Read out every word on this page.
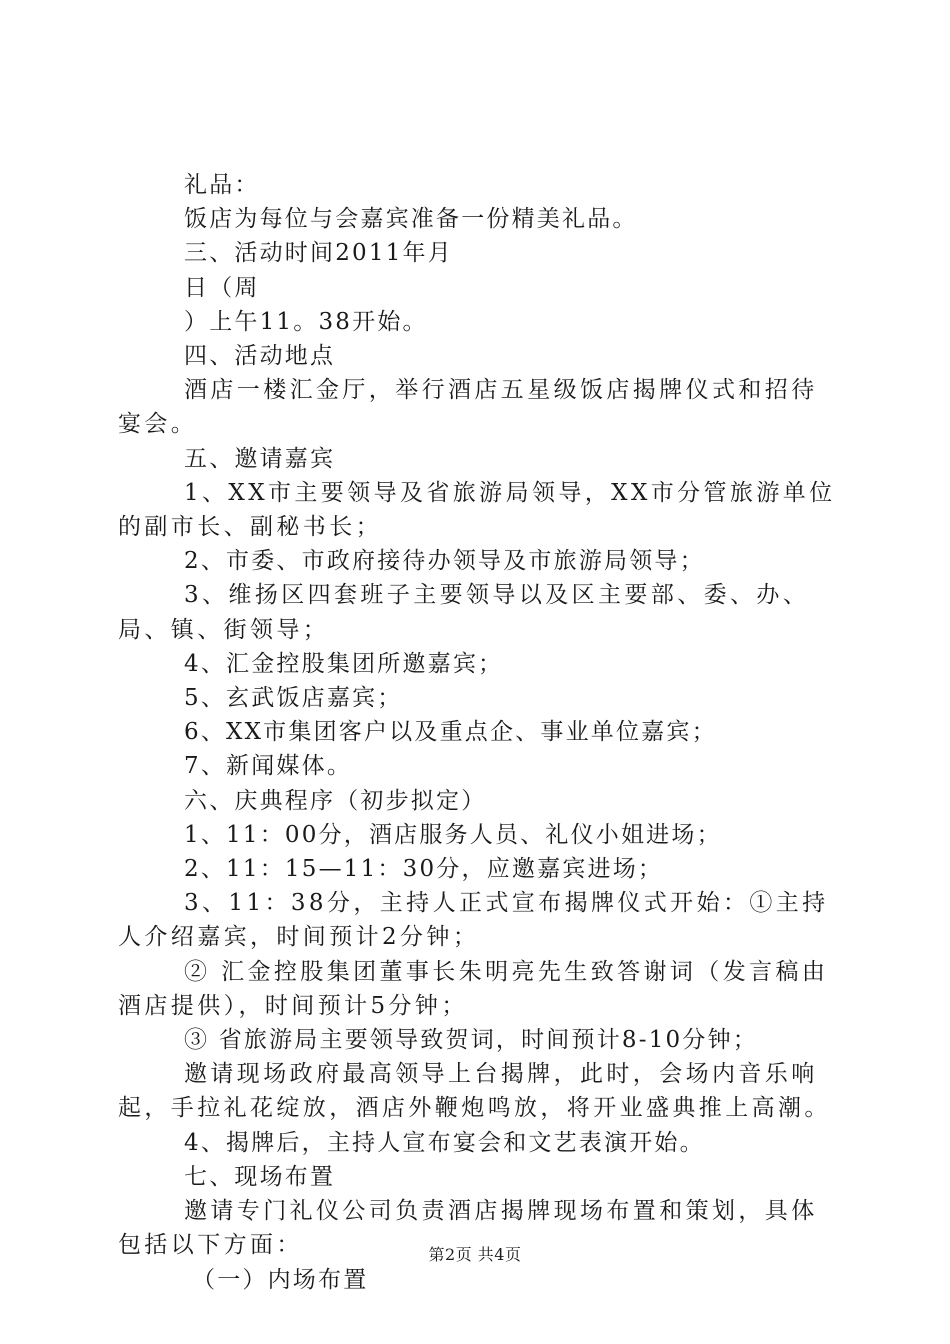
礼品：

饭店为每位与会嘉宾准备一份精美礼品。

三、活动时间2011年月

日（周

）上午11。38开始。

四、活动地点

酒店一楼汇金厅，举行酒店五星级饭店揭牌仪式和招待宴会。

五、邀请嘉宾

1、XX市主要领导及省旅游局领导，XX市分管旅游单位的副市长、副秘书长；

2、市委、市政府接待办领导及市旅游局领导；

3、维扬区四套班子主要领导以及区主要部、委、办、局、镇、街领导；

4、汇金控股集团所邀嘉宾；

5、玄武饭店嘉宾；

6、XX市集团客户以及重点企、事业单位嘉宾；

7、新闻媒体。

六、庆典程序（初步拟定）

1、11：00分，酒店服务人员、礼仪小姐进场；

2、11：15—11：30分，应邀嘉宾进场；

3、11：38分，主持人正式宣布揭牌仪式开始：①主持人介绍嘉宾，时间预计2分钟；

② 汇金控股集团董事长朱明亮先生致答谢词（发言稿由酒店提供），时间预计5分钟；

③ 省旅游局主要领导致贺词，时间预计8-10分钟；

邀请现场政府最高领导上台揭牌，此时，会场内音乐响起，手拉礼花绽放，酒店外鞭炮鸣放，将开业盛典推上高潮。

4、揭牌后，主持人宣布宴会和文艺表演开始。

七、现场布置

邀请专门礼仪公司负责酒店揭牌现场布置和策划，具体包括以下方面：

（一）内场布置

第2页 共4页
